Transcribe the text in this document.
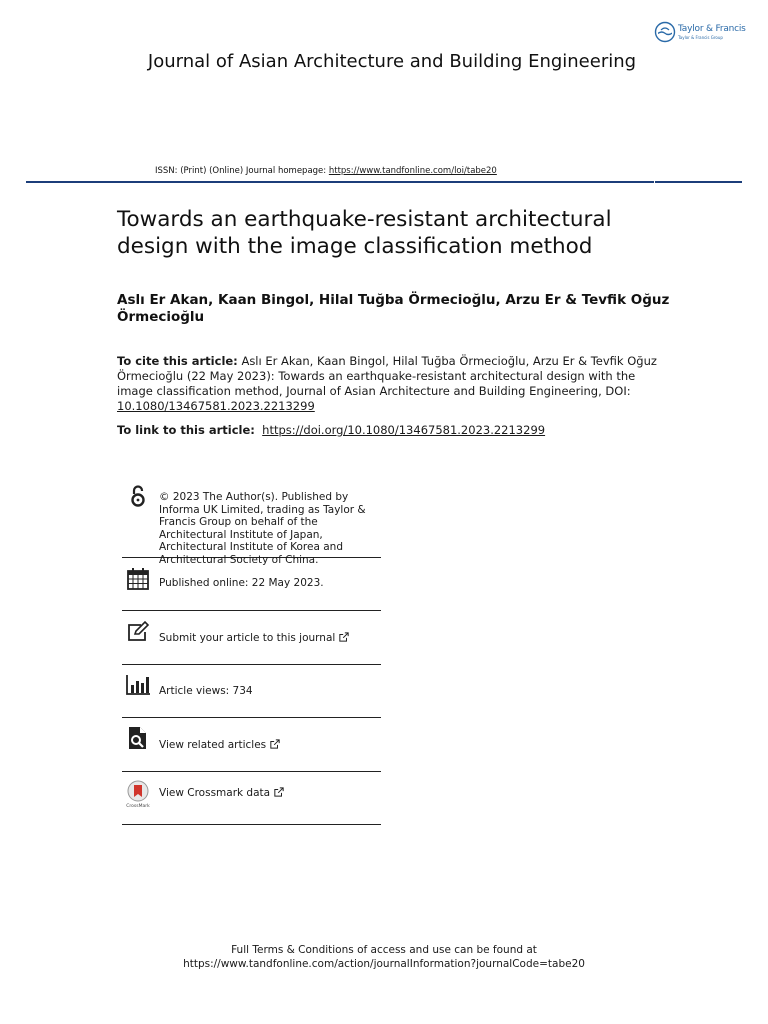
Taylor & Francis
Taylor & Francis Group
Journal of Asian Architecture and Building Engineering
ISSN: (Print) (Online) Journal homepage: https://www.tandfonline.com/loi/tabe20
Towards an earthquake-resistant architectural design with the image classification method
Aslı Er Akan, Kaan Bingol, Hilal Tuğba Örmecioğlu, Arzu Er & Tevfik Oğuz Örmecioğlu
To cite this article: Aslı Er Akan, Kaan Bingol, Hilal Tuğba Örmecioğlu, Arzu Er & Tevfik Oğuz Örmecioğlu (22 May 2023): Towards an earthquake-resistant architectural design with the image classification method, Journal of Asian Architecture and Building Engineering, DOI: 10.1080/13467581.2023.2213299
To link to this article: https://doi.org/10.1080/13467581.2023.2213299
© 2023 The Author(s). Published by Informa UK Limited, trading as Taylor & Francis Group on behalf of the Architectural Institute of Japan, Architectural Institute of Korea and Architectural Society of China.
Published online: 22 May 2023.
Submit your article to this journal
Article views: 734
View related articles
CrossMark
View Crossmark data
Full Terms & Conditions of access and use can be found at
https://www.tandfonline.com/action/journalInformation?journalCode=tabe20
